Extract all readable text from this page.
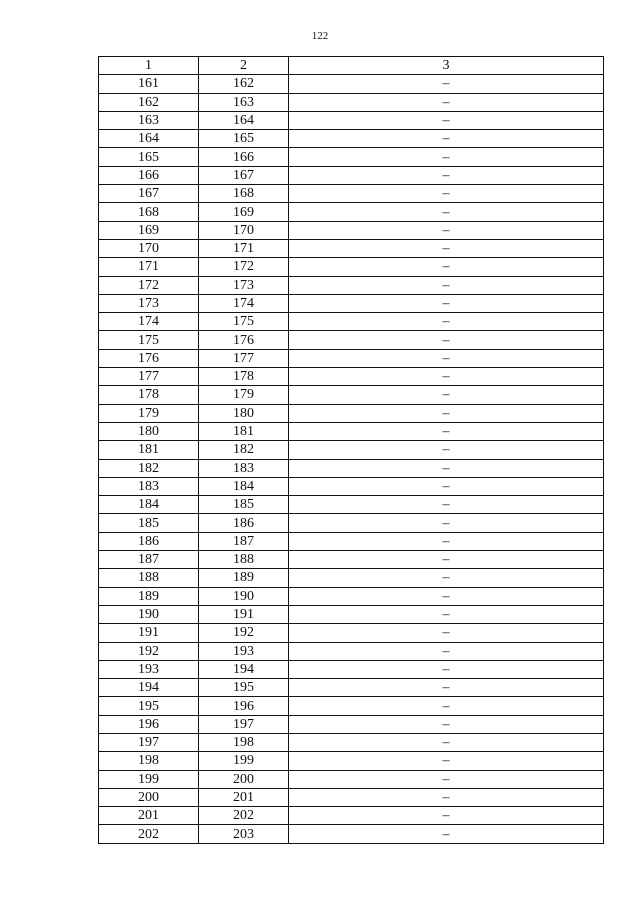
122
1	2	3
161	162	–
162	163	–
163	164	–
164	165	–
165	166	–
166	167	–
167	168	–
168	169	–
169	170	–
170	171	–
171	172	–
172	173	–
173	174	–
174	175	–
175	176	–
176	177	–
177	178	–
178	179	–
179	180	–
180	181	–
181	182	–
182	183	–
183	184	–
184	185	–
185	186	–
186	187	–
187	188	–
188	189	–
189	190	–
190	191	–
191	192	–
192	193	–
193	194	–
194	195	–
195	196	–
196	197	–
197	198	–
198	199	–
199	200	–
200	201	–
201	202	–
202	203	–
